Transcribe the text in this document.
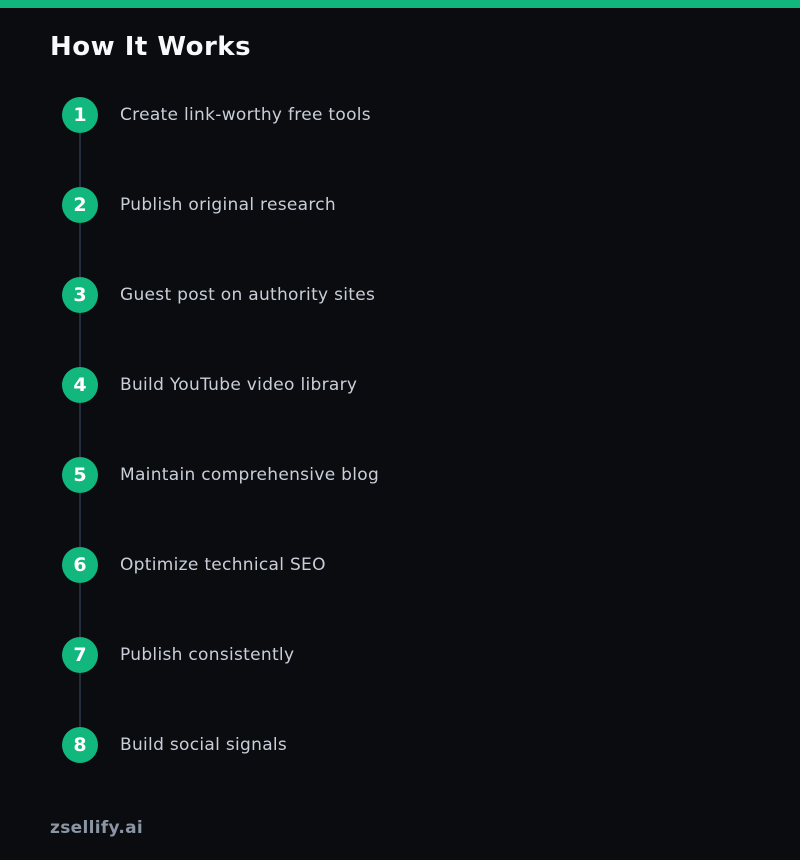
How It Works
1	Create link-worthy free tools
2	Publish original research
3	Guest post on authority sites
4	Build YouTube video library
5	Maintain comprehensive blog
6	Optimize technical SEO
7	Publish consistently
8	Build social signals
zsellify.ai
